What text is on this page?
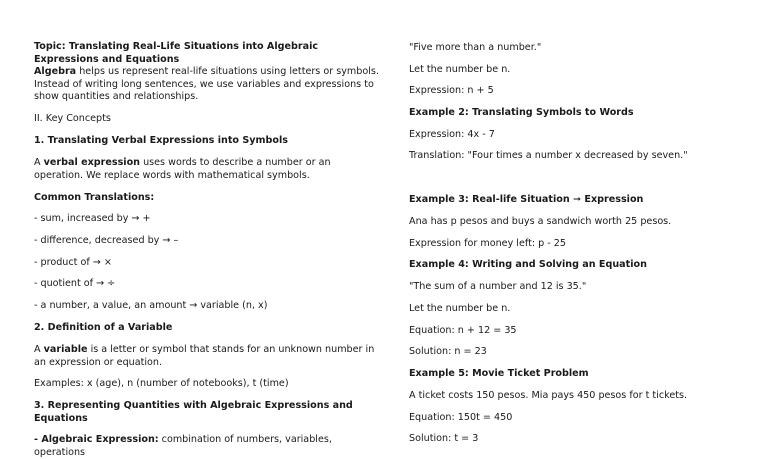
Topic: Translating Real-Life Situations into Algebraic Expressions and Equations

Algebra helps us represent real-life situations using letters or symbols. Instead of writing long sentences, we use variables and expressions to show quantities and relationships.

II. Key Concepts

1. Translating Verbal Expressions into Symbols

A verbal expression uses words to describe a number or an operation. We replace words with mathematical symbols.

Common Translations:

- sum, increased by → +

- difference, decreased by → –

- product of → ×

- quotient of → ÷

- a number, a value, an amount → variable (n, x)

2. Definition of a Variable

A variable is a letter or symbol that stands for an unknown number in an expression or equation.

Examples: x (age), n (number of notebooks), t (time)

3. Representing Quantities with Algebraic Expressions and Equations

- Algebraic Expression: combination of numbers, variables, operations

"Five more than a number."

Let the number be n.

Expression: n + 5

Example 2: Translating Symbols to Words

Expression: 4x - 7

Translation: "Four times a number x decreased by seven."

Example 3: Real-life Situation ➞ Expression

Ana has p pesos and buys a sandwich worth 25 pesos.

Expression for money left: p - 25

Example 4: Writing and Solving an Equation

"The sum of a number and 12 is 35."

Let the number be n.

Equation: n + 12 = 35

Solution: n = 23

Example 5: Movie Ticket Problem

A ticket costs 150 pesos. Mia pays 450 pesos for t tickets.

Equation: 150t = 450

Solution: t = 3
